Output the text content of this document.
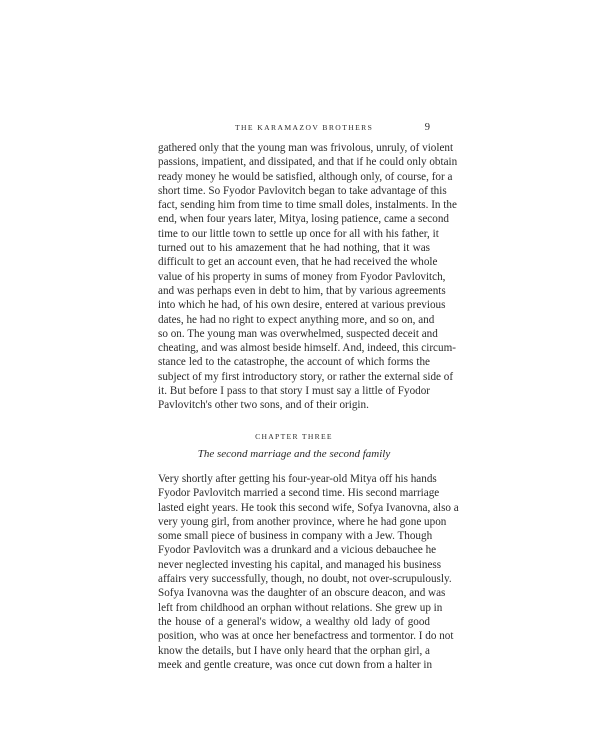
THE KARAMAZOV BROTHERS	9
gathered only that the young man was frivolous, unruly, of violent
passions, impatient, and dissipated, and that if he could only obtain
ready money he would be satisfied, although only, of course, for a
short time. So Fyodor Pavlovitch began to take advantage of this
fact, sending him from time to time small doles, instalments. In the
end, when four years later, Mitya, losing patience, came a second
time to our little town to settle up once for all with his father, it
turned out to his amazement that he had nothing, that it was
difficult to get an account even, that he had received the whole
value of his property in sums of money from Fyodor Pavlovitch,
and was perhaps even in debt to him, that by various agreements
into which he had, of his own desire, entered at various previous
dates, he had no right to expect anything more, and so on, and
so on. The young man was overwhelmed, suspected deceit and
cheating, and was almost beside himself. And, indeed, this circum-
stance led to the catastrophe, the account of which forms the
subject of my first introductory story, or rather the external side of
it. But before I pass to that story I must say a little of Fyodor
Pavlovitch's other two sons, and of their origin.
CHAPTER THREE
The second marriage and the second family
Very shortly after getting his four-year-old Mitya off his hands
Fyodor Pavlovitch married a second time. His second marriage
lasted eight years. He took this second wife, Sofya Ivanovna, also a
very young girl, from another province, where he had gone upon
some small piece of business in company with a Jew. Though
Fyodor Pavlovitch was a drunkard and a vicious debauchee he
never neglected investing his capital, and managed his business
affairs very successfully, though, no doubt, not over-scrupulously.
Sofya Ivanovna was the daughter of an obscure deacon, and was
left from childhood an orphan without relations. She grew up in
the house of a general's widow, a wealthy old lady of good
position, who was at once her benefactress and tormentor. I do not
know the details, but I have only heard that the orphan girl, a
meek and gentle creature, was once cut down from a halter in
